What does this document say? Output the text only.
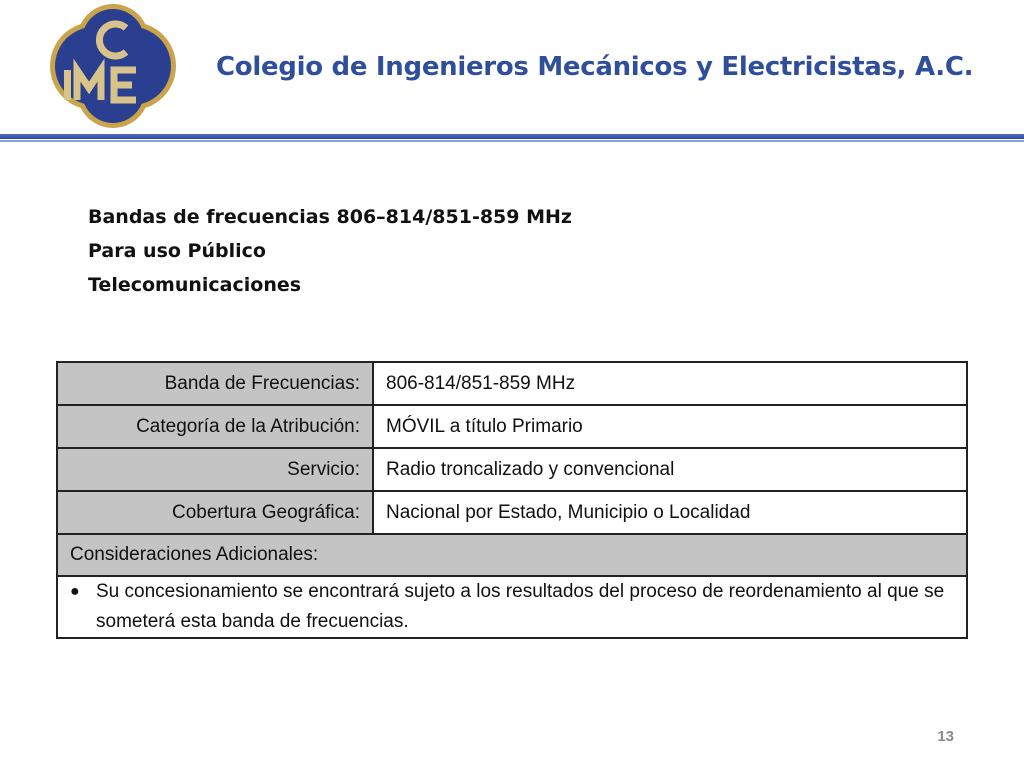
Colegio de Ingenieros Mecánicos y Electricistas, A.C.
Bandas de frecuencias 806–814/851-859 MHz
Para uso Público
Telecomunicaciones
Banda de Frecuencias:	806-814/851-859 MHz
Categoría de la Atribución:	MÓVIL a título Primario
Servicio:	Radio troncalizado y convencional
Cobertura Geográfica:	Nacional por Estado, Municipio o Localidad
Consideraciones Adicionales:	

● Su concesionamiento se encontrará sujeto a los resultados del proceso de reordenamiento al que se someterá esta banda de frecuencias.	
13
